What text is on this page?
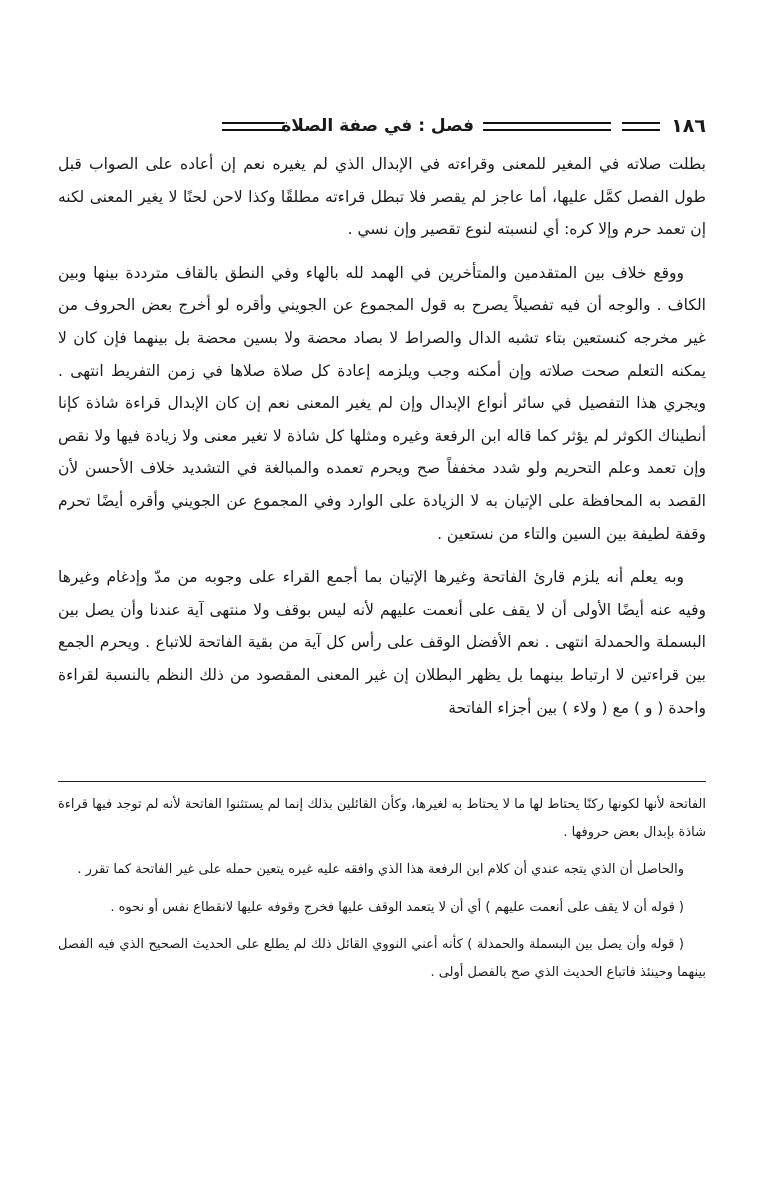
١٨٦
فصل : في صفة الصلاة

بطلت صلاته في المغير للمعنى وقراءته في الإبدال الذي لم يغيره نعم إن أعاده على الصواب قبل طول الفصل كمَّل عليها، أما عاجز لم يقصر فلا تبطل قراءته مطلقًا وكذا لاحن لحنًا لا يغير المعنى لكنه إن تعمد حرم وإلا كره: أي لنسبته لنوع تقصير وإن نسي .

ووقع خلاف بين المتقدمين والمتأخرين في الهمد لله بالهاء وفي النطق بالقاف مترددة بينها وبين الكاف . والوجه أن فيه تفصيلاً يصرح به قول المجموع عن الجويني وأقره لو أخرج بعض الحروف من غير مخرجه كنستعين بتاء تشبه الدال والصراط لا بصاد محضة ولا بسين محضة بل بينهما فإن كان لا يمكنه التعلم صحت صلاته وإن أمكنه وجب ويلزمه إعادة كل صلاة صلاها في زمن التفريط انتهى . ويجري هذا التفصيل في سائر أنواع الإبدال وإن لم يغير المعنى نعم إن كان الإبدال قراءة شاذة كإنا أنطيناك الكوثر لم يؤثر كما قاله ابن الرفعة وغيره ومثلها كل شاذة لا تغير معنى ولا زيادة فيها ولا نقص وإن تعمد وعلم التحريم ولو شدد مخففاً صح ويحرم تعمده والمبالغة في التشديد خلاف الأحسن لأن القصد به المحافظة على الإتيان به لا الزيادة على الوارد وفي المجموع عن الجويني وأقره أيضًا تحرم وقفة لطيفة بين السين والتاء من نستعين .

وبه يعلم أنه يلزم قارئ الفاتحة وغيرها الإتيان بما أجمع القراء على وجوبه من مدّ وإدغام وغيرها وفيه عنه أيضًا الأولى أن لا يقف على أنعمت عليهم لأنه ليس بوقف ولا منتهى آية عندنا وأن يصل بين البسملة والحمدلة انتهى . نعم الأفضل الوقف على رأس كل آية من بقية الفاتحة للاتباع . ويحرم الجمع بين قراءتين لا ارتباط بينهما بل يظهر البطلان إن غير المعنى المقصود من ذلك النظم بالنسبة لقراءة واحدة ( و ) مع ( ولاء ) بين أجزاء الفاتحة

الفاتحة لأنها لكونها ركنًا يحتاط لها ما لا يحتاط به لغيرها، وكأن القائلين بذلك إنما لم يستثنوا الفاتحة لأنه لم توجد فيها قراءة شاذة بإبدال بعض حروفها .

والحاصل أن الذي يتجه عندي أن كلام ابن الرفعة هذا الذي وافقه عليه غيره يتعين حمله على غير الفاتحة كما تقرر .

( قوله أن لا يقف على أنعمت عليهم ) أي أن لا يتعمد الوقف عليها فخرج وقوفه عليها لانقطاع نفس أو نحوه .

( قوله وأن يصل بين البسملة والحمدلة ) كأنه أعني النووي القائل ذلك لم يطلع على الحديث الصحيح الذي فيه الفصل بينهما وحينئذ فاتباع الحديث الذي صح بالفصل أولى .
